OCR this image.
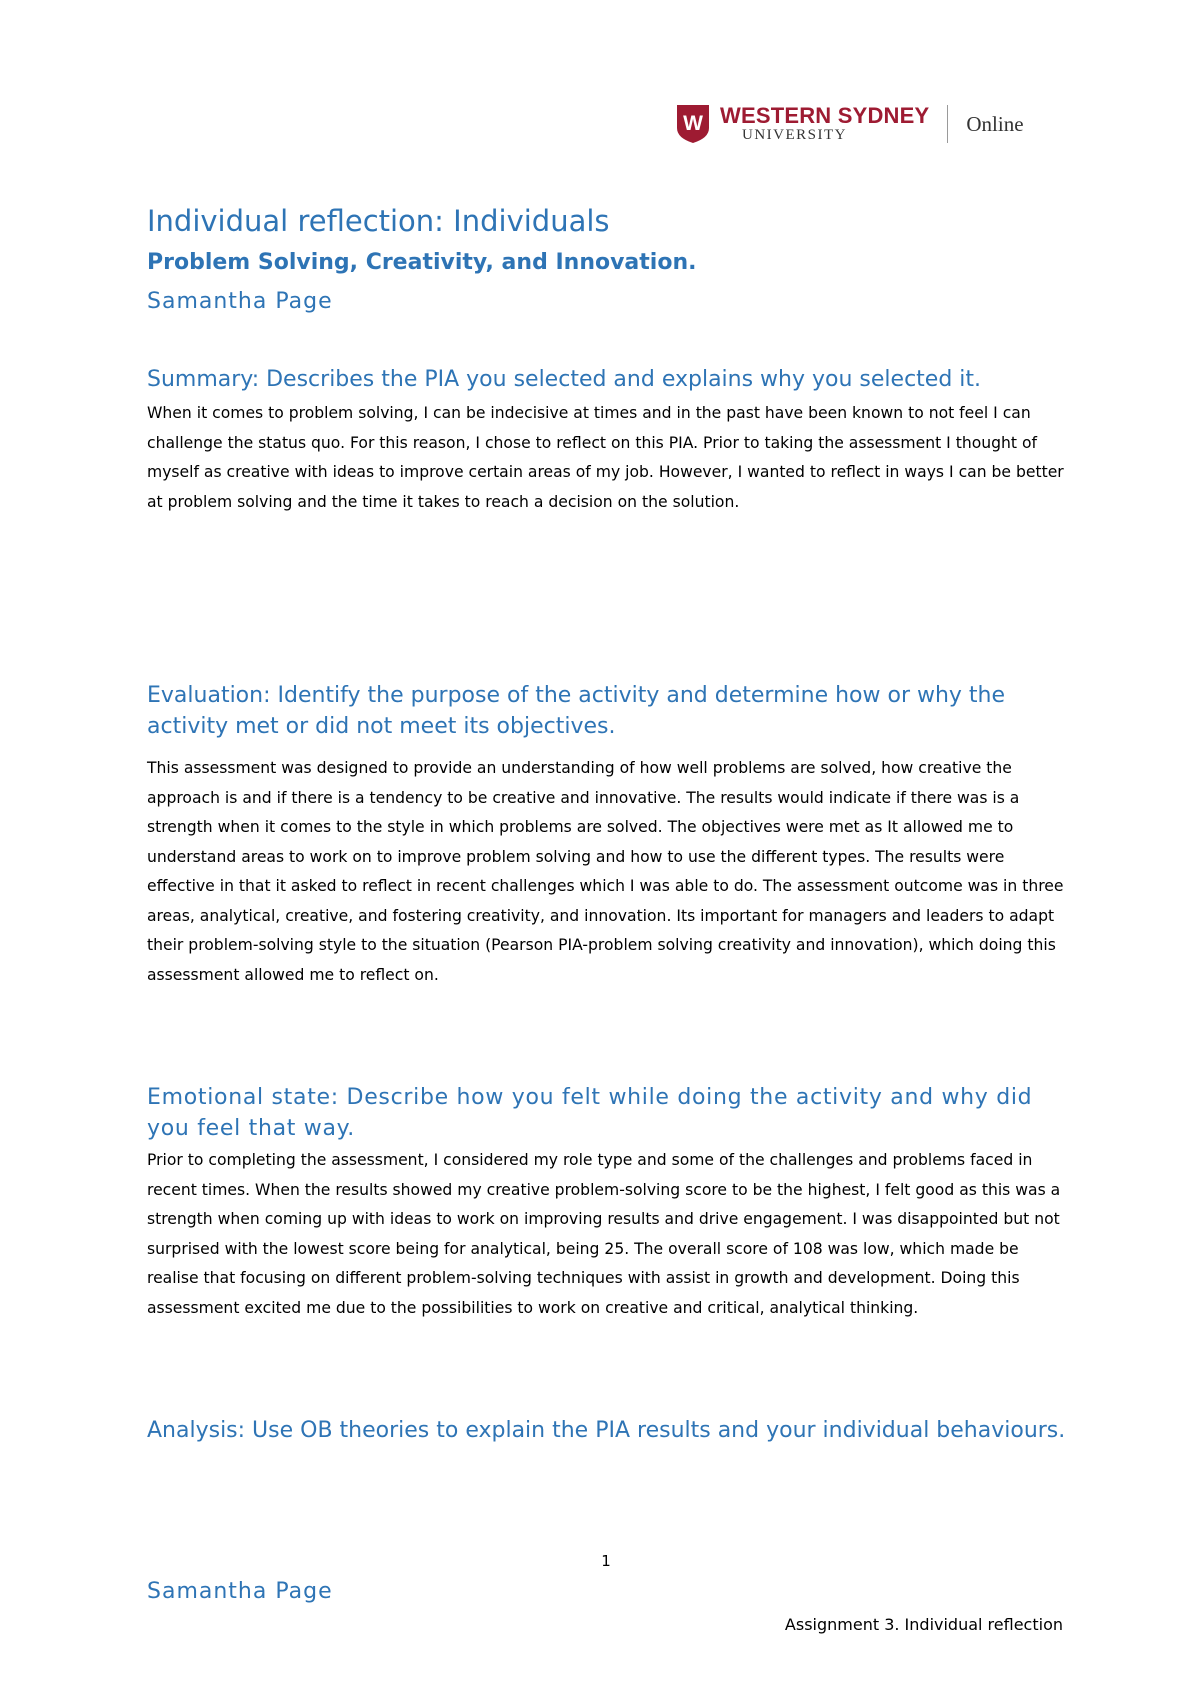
W WESTERN SYDNEY
UNIVERSITY	Online
Individual reflection: Individuals
Problem Solving, Creativity, and Innovation.
Samantha Page
Summary: Describes the PIA you selected and explains why you selected it.

When it comes to problem solving, I can be indecisive at times and in the past have been known to not feel I can challenge the status quo. For this reason, I chose to reflect on this PIA. Prior to taking the assessment I thought of myself as creative with ideas to improve certain areas of my job. However, I wanted to reflect in ways I can be better at problem solving and the time it takes to reach a decision on the solution.

Evaluation: Identify the purpose of the activity and determine how or why the activity met or did not meet its objectives.

This assessment was designed to provide an understanding of how well problems are solved, how creative the approach is and if there is a tendency to be creative and innovative. The results would indicate if there was is a strength when it comes to the style in which problems are solved. The objectives were met as It allowed me to understand areas to work on to improve problem solving and how to use the different types. The results were effective in that it asked to reflect in recent challenges which I was able to do. The assessment outcome was in three areas, analytical, creative, and fostering creativity, and innovation. Its important for managers and leaders to adapt their problem-solving style to the situation (Pearson PIA-problem solving creativity and innovation), which doing this assessment allowed me to reflect on.

Emotional state: Describe how you felt while doing the activity and why did you feel that way.

Prior to completing the assessment, I considered my role type and some of the challenges and problems faced in recent times. When the results showed my creative problem-solving score to be the highest, I felt good as this was a strength when coming up with ideas to work on improving results and drive engagement. I was disappointed but not surprised with the lowest score being for analytical, being 25. The overall score of 108 was low, which made be realise that focusing on different problem-solving techniques with assist in growth and development. Doing this assessment excited me due to the possibilities to work on creative and critical, analytical thinking.

Analysis: Use OB theories to explain the PIA results and your individual behaviours.
1
Samantha Page
Assignment 3. Individual reflection
